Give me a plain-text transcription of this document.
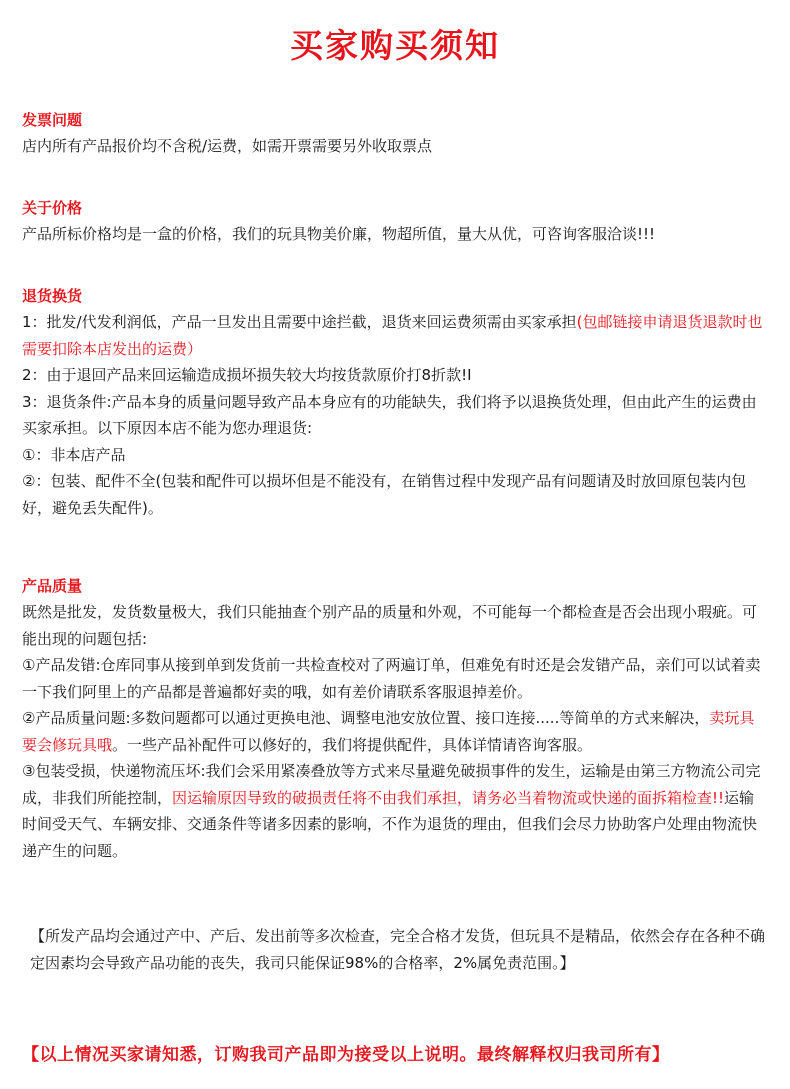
买家购买须知

发票问题

店内所有产品报价均不含税/运费，如需开票需要另外收取票点

关于价格

产品所标价格均是一盒的价格，我们的玩具物美价廉，物超所值，量大从优，可咨询客服洽谈!!!

退货换货

1：批发/代发利润低，产品一旦发出且需要中途拦截，退货来回运费须需由买家承担(包邮链接申请退货退款时也需要扣除本店发出的运费）

2：由于退回产品来回运输造成损坏损失较大均按货款原价打8折款!I

3：退货条件:产品本身的质量问题导致产品本身应有的功能缺失，我们将予以退换货处理，但由此产生的运费由买家承担。以下原因本店不能为您办理退货:

①：非本店产品

②：包装、配件不全(包装和配件可以损坏但是不能没有，在销售过程中发现产品有问题请及时放回原包装内包好，避免丢失配件)。

产品质量

既然是批发，发货数量极大，我们只能抽查个别产品的质量和外观，不可能每一个都检查是否会出现小瑕疵。可能出现的问题包括:

①产品发错:仓库同事从接到单到发货前一共检查校对了两遍订单，但难免有时还是会发错产品，亲们可以试着卖一下我们阿里上的产品都是普遍都好卖的哦，如有差价请联系客服退掉差价。

②产品质量问题:多数问题都可以通过更换电池、调整电池安放位置、接口连接.....等简单的方式来解决，卖玩具要会修玩具哦。一些产品补配件可以修好的，我们将提供配件，具体详情请咨询客服。

③包装受损，快递物流压坏:我们会采用紧凑叠放等方式来尽量避免破损事件的发生，运输是由第三方物流公司完成，非我们所能控制，因运输原因导致的破损责任将不由我们承担，请务必当着物流或快递的面拆箱检查!!运输时间受天气、车辆安排、交通条件等诸多因素的影响，不作为退货的理由，但我们会尽力协助客户处理由物流快递产生的问题。

【所发产品均会通过产中、产后、发出前等多次检查，完全合格才发货，但玩具不是精品，依然会存在各种不确定因素均会导致产品功能的丧失，我司只能保证98%的合格率，2%属免责范围。】

【以上情况买家请知悉，订购我司产品即为接受以上说明。最终解释权归我司所有】
